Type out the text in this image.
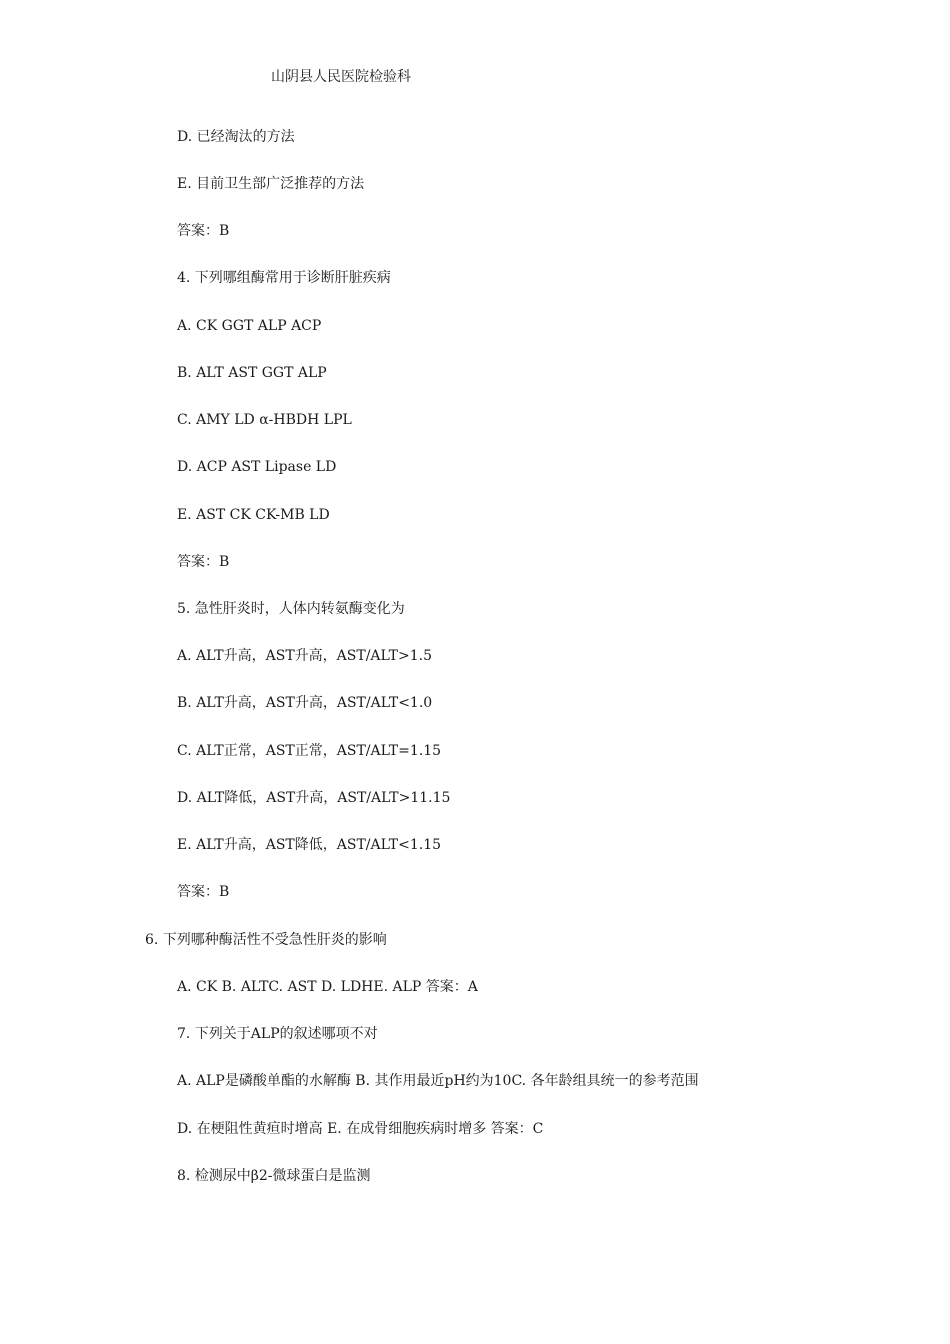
山阴县人民医院检验科
D. 已经淘汰的方法
E. 目前卫生部广泛推荐的方法
答案：B
4. 下列哪组酶常用于诊断肝脏疾病
A. CK GGT ALP ACP
B. ALT AST GGT ALP
C. AMY LD α-HBDH LPL
D. ACP AST Lipase LD
E. AST CK CK-MB LD
答案：B
5. 急性肝炎时，人体内转氨酶变化为
A. ALT升高，AST升高，AST/ALT>1.5
B. ALT升高，AST升高，AST/ALT<1.0
C. ALT正常，AST正常，AST/ALT=1.15
D. ALT降低，AST升高，AST/ALT>11.15
E. ALT升高，AST降低，AST/ALT<1.15
答案：B
6. 下列哪种酶活性不受急性肝炎的影响
A. CK B. ALTC. AST D. LDHE. ALP 答案：A
7. 下列关于ALP的叙述哪项不对
A. ALP是磷酸单酯的水解酶 B. 其作用最近pH约为10C. 各年龄组具统一的参考范围
D. 在梗阻性黄疸时增高 E. 在成骨细胞疾病时增多 答案：C
8. 检测尿中β2-微球蛋白是监测
